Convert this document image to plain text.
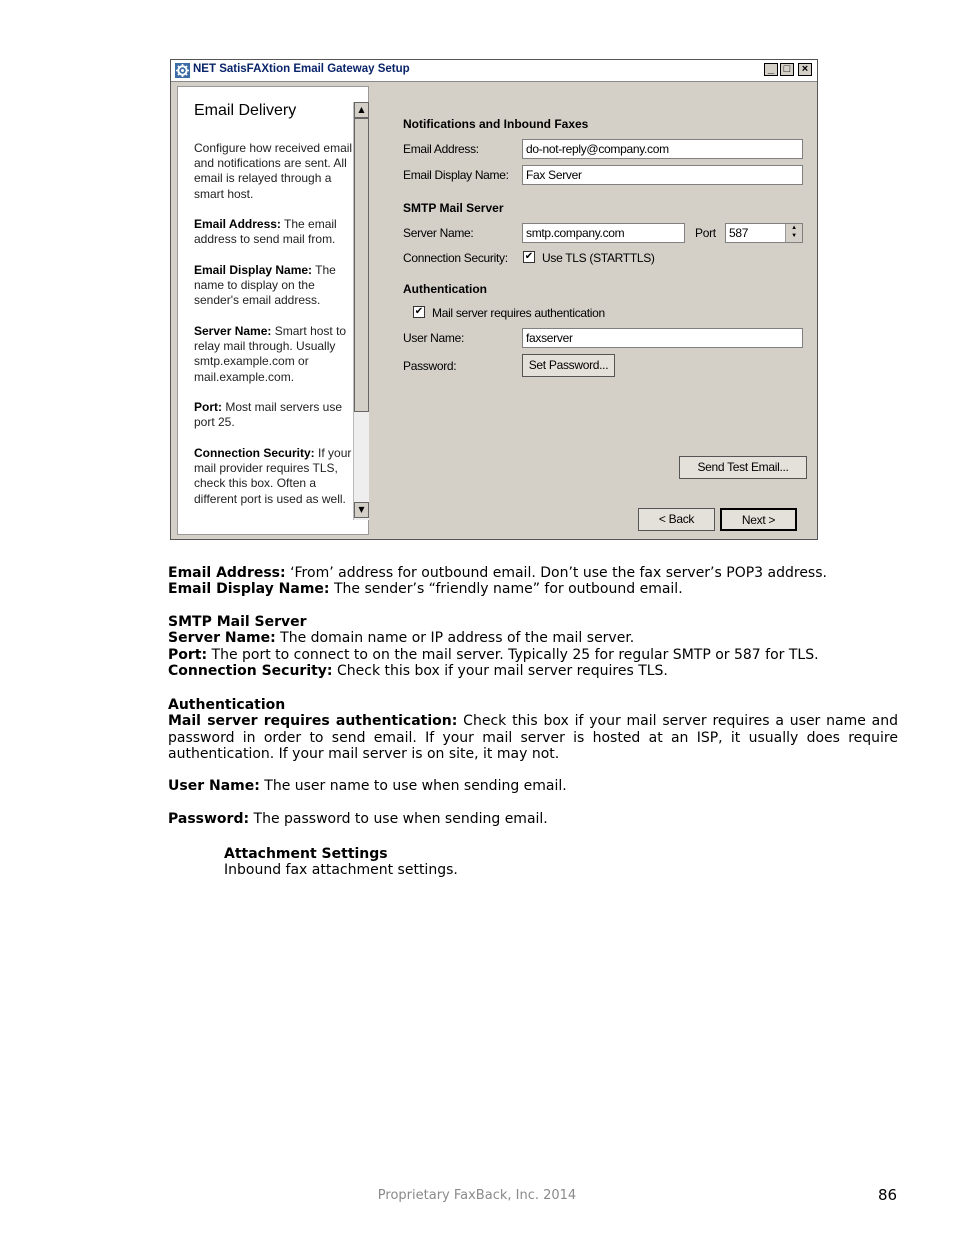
NET SatisFAXtion Email Gateway Setup	_ □	×
Email Delivery
Configure how received email and notifications are sent. All email is relayed through a smart host.
Email Address: The email address to send mail from.
Email Display Name: The name to display on the sender's email address.
Server Name: Smart host to relay mail through. Usually smtp.example.com or mail.example.com.
Port: Most mail servers use port 25.
Connection Security: If your mail provider requires TLS, check this box. Often a different port is used as well.
▲
▼
Notifications and Inbound Faxes
Email Address:	do-not-reply@company.com
Email Display Name:	Fax Server
SMTP Mail Server
Server Name:	smtp.company.com	Port	587	▲
▼
Connection Security: ✔ Use TLS (STARTTLS)
Authentication
✔ Mail server requires authentication
User Name:	faxserver
Password:	Set Password...
Send Test Email...
< Back	Next >
Email Address: ‘From’ address for outbound email. Don’t use the fax server’s POP3 address.
Email Display Name: The sender’s “friendly name” for outbound email.
SMTP Mail Server
Server Name: The domain name or IP address of the mail server.
Port: The port to connect to on the mail server. Typically 25 for regular SMTP or 587 for TLS.
Connection Security: Check this box if your mail server requires TLS.
Authentication
Mail server requires authentication: Check this box if your mail server requires a user name and password in order to send email. If your mail server is hosted at an ISP, it usually does require authentication. If your mail server is on site, it may not.
User Name: The user name to use when sending email.
Password: The password to use when sending email.
Attachment Settings
Inbound fax attachment settings.
Proprietary FaxBack, Inc. 2014	86
